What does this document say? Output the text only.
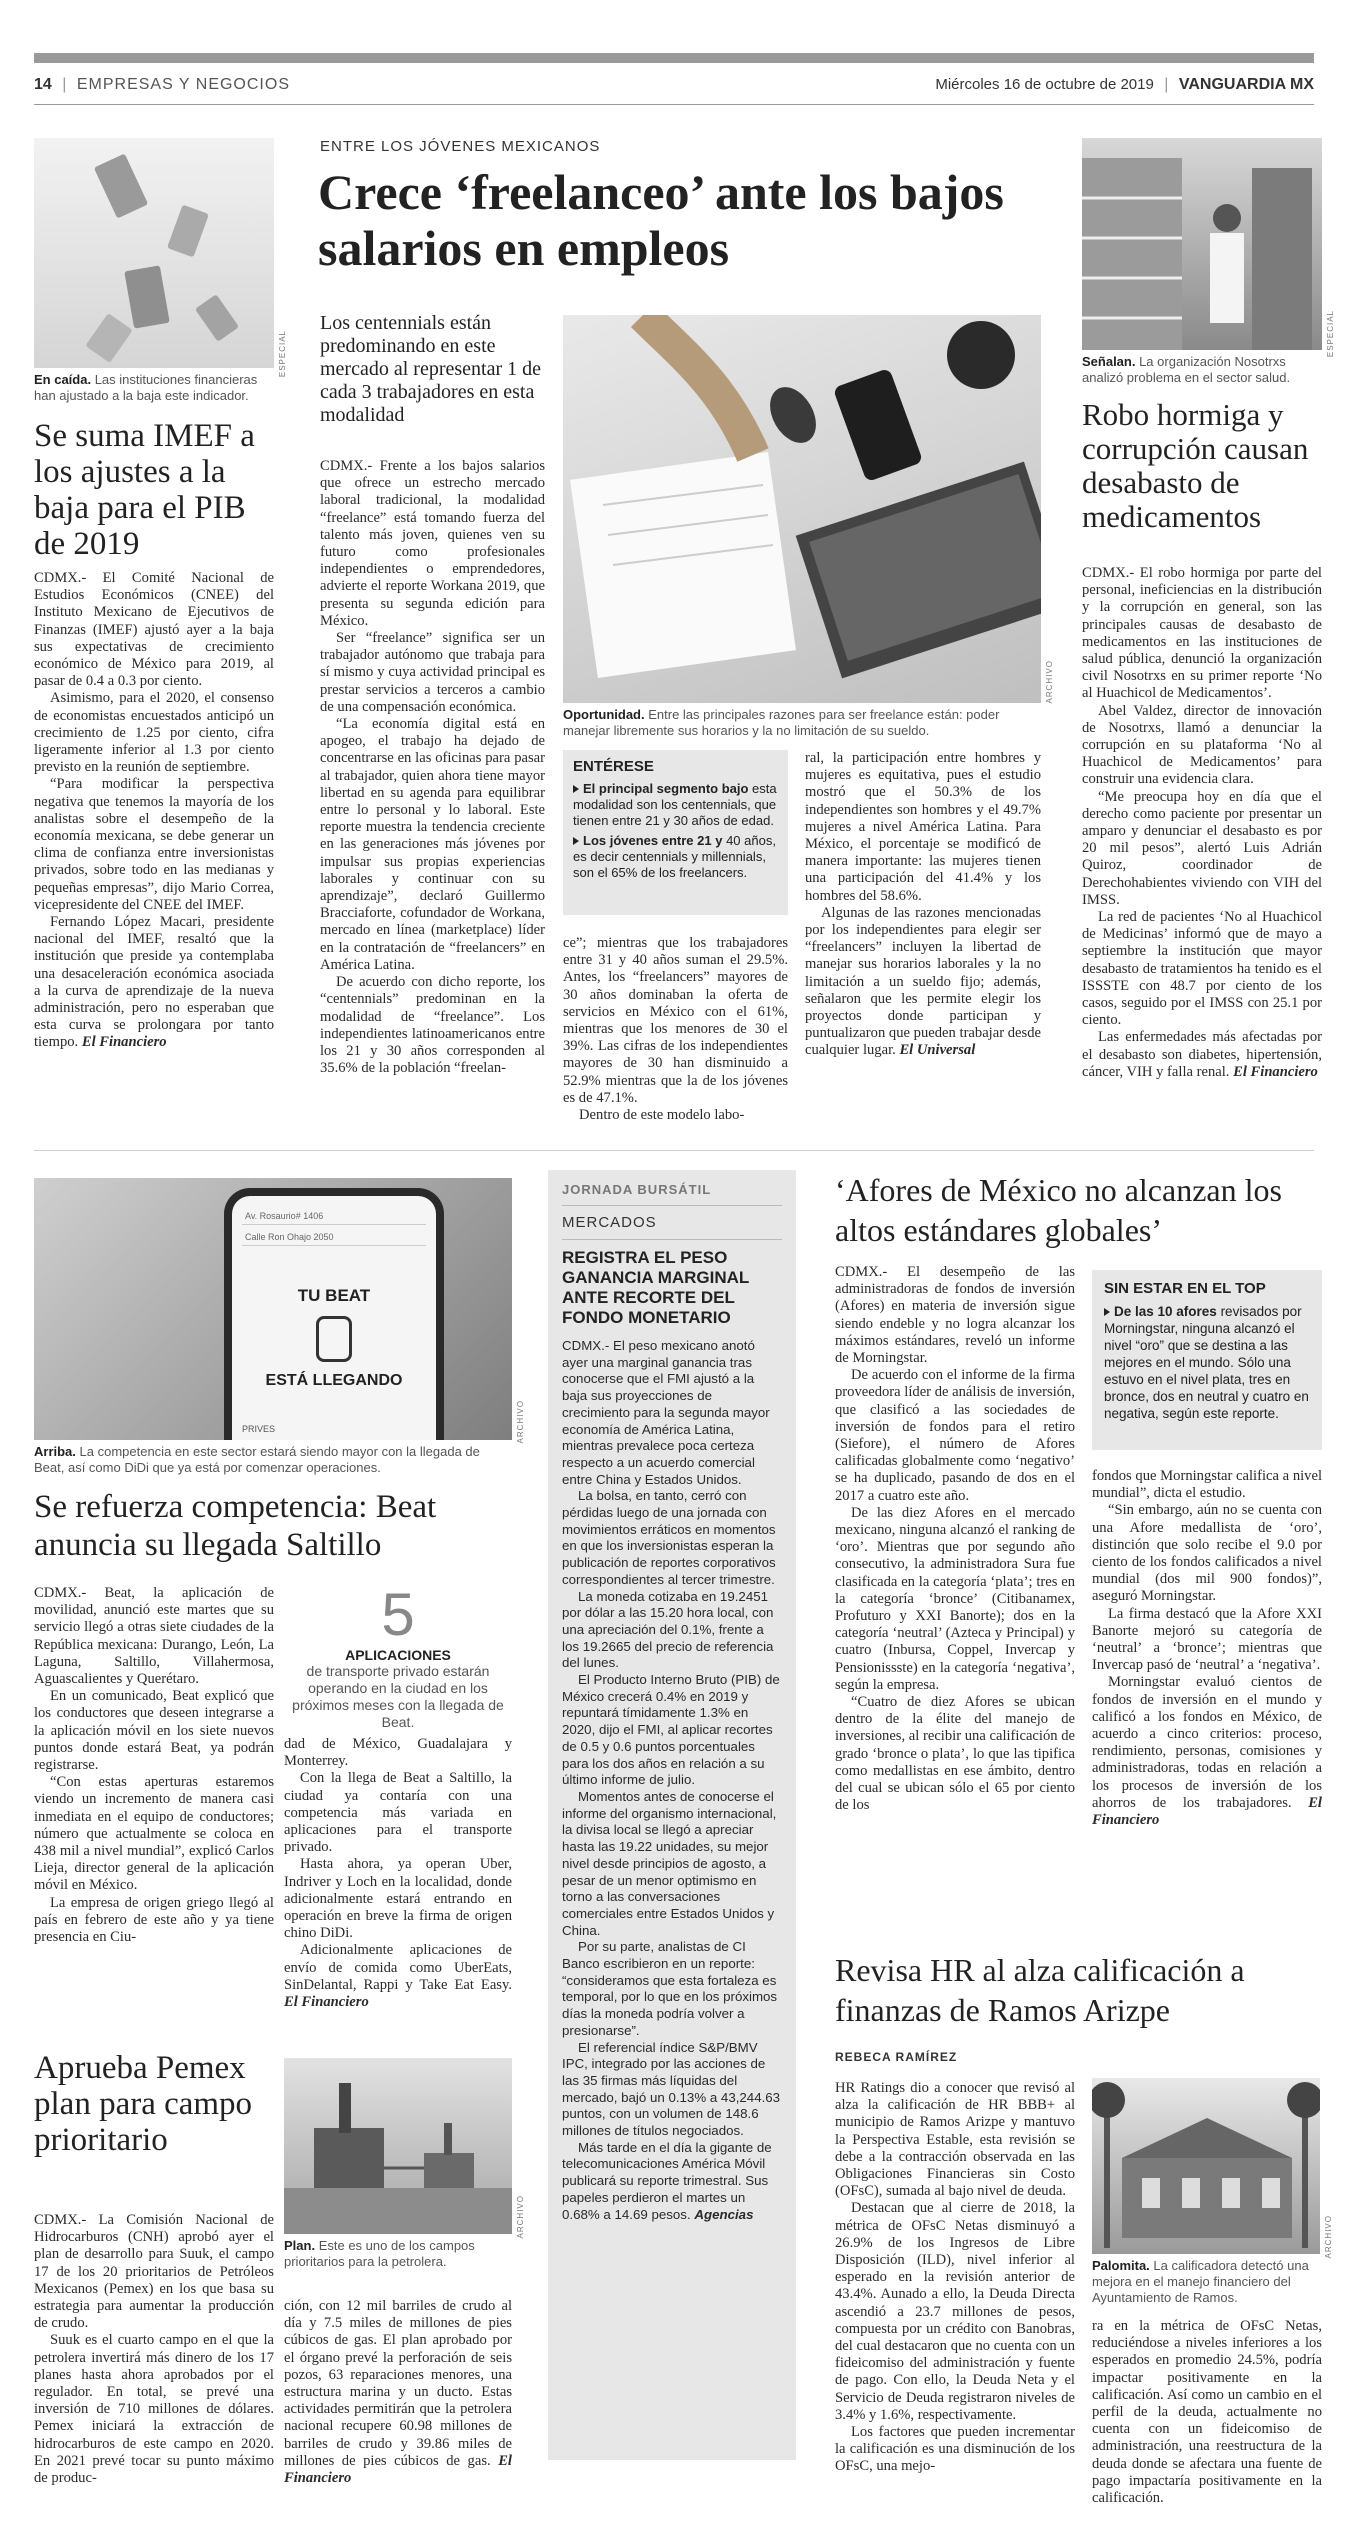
14 | EMPRESAS Y NEGOCIOS	Miércoles 16 de octubre de 2019 | VANGUARDIA MX
ESPECIAL
En caída. Las instituciones financieras han ajustado a la baja este indicador.
Se suma IMEF a los ajustes a la baja para el PIB de 2019

CDMX.- El Comité Nacional de Estudios Económicos (CNEE) del Instituto Mexicano de Ejecutivos de Finanzas (IMEF) ajustó ayer a la baja sus expectativas de crecimiento económico de México para 2019, al pasar de 0.4 a 0.3 por ciento.

Asimismo, para el 2020, el consenso de economistas encuestados anticipó un crecimiento de 1.25 por ciento, cifra ligeramente inferior al 1.3 por ciento previsto en la reunión de septiembre.

“Para modificar la perspectiva negativa que tenemos la mayoría de los analistas sobre el desempeño de la economía mexicana, se debe generar un clima de confianza entre inversionistas privados, sobre todo en las medianas y pequeñas empresas”, dijo Mario Correa, vicepresidente del CNEE del IMEF.

Fernando López Macari, presidente nacional del IMEF, resaltó que la institución que preside ya contemplaba una desaceleración económica asociada a la curva de aprendizaje de la nueva administración, pero no esperaban que esta curva se prolongara por tanto tiempo. El Financiero

ENTRE LOS JÓVENES MEXICANOS
Crece ‘freelanceo’ ante los bajos salarios en empleos
Los centennials están predominando en este mercado al representar 1 de cada 3 trabajadores en esta modalidad
ARCHIVO
Oportunidad. Entre las principales razones para ser freelance están: poder manejar libremente sus horarios y la no limitación de su sueldo.

CDMX.- Frente a los bajos salarios que ofrece un estrecho mercado laboral tradicional, la modalidad “freelance” está tomando fuerza del talento más joven, quienes ven su futuro como profesionales independientes o emprendedores, advierte el reporte Workana 2019, que presenta su segunda edición para México.

Ser “freelance” significa ser un trabajador autónomo que trabaja para sí mismo y cuya actividad principal es prestar servicios a terceros a cambio de una compensación económica.

“La economía digital está en apogeo, el trabajo ha dejado de concentrarse en las oficinas para pasar al trabajador, quien ahora tiene mayor libertad en su agenda para equilibrar entre lo personal y lo laboral. Este reporte muestra la tendencia creciente en las generaciones más jóvenes por impulsar sus propias experiencias laborales y continuar con su aprendizaje”, declaró Guillermo Bracciaforte, cofundador de Workana, mercado en línea (marketplace) líder en la contratación de “freelancers” en América Latina.

De acuerdo con dicho reporte, los “centennials” predominan en la modalidad de “freelance”. Los independientes latinoamericanos entre los 21 y 30 años corresponden al 35.6% de la población “freelan-

ENTÉRESE
El principal segmento bajo esta modalidad son los centennials, que tienen entre 21 y 30 años de edad.
Los jóvenes entre 21 y 40 años, es decir centennials y millennials, son el 65% de los freelancers.

ce”; mientras que los trabajadores entre 31 y 40 años suman el 29.5%. Antes, los “freelancers” mayores de 30 años dominaban la oferta de servicios en México con el 61%, mientras que los menores de 30 el 39%. Las cifras de los independientes mayores de 30 han disminuido a 52.9% mientras que la de los jóvenes es de 47.1%.

Dentro de este modelo labo-

ral, la participación entre hombres y mujeres es equitativa, pues el estudio mostró que el 50.3% de los independientes son hombres y el 49.7% mujeres a nivel América Latina. Para México, el porcentaje se modificó de manera importante: las mujeres tienen una participación del 41.4% y los hombres del 58.6%.

Algunas de las razones mencionadas por los independientes para elegir ser “freelancers” incluyen la libertad de manejar sus horarios laborales y la no limitación a un sueldo fijo; además, señalaron que les permite elegir los proyectos donde participan y puntualizaron que pueden trabajar desde cualquier lugar. El Universal

ESPECIAL
Señalan. La organización Nosotrxs analizó problema en el sector salud.
Robo hormiga y corrupción causan desabasto de medicamentos

CDMX.- El robo hormiga por parte del personal, ineficiencias en la distribución y la corrupción en general, son las principales causas de desabasto de medicamentos en las instituciones de salud pública, denunció la organización civil Nosotrxs en su primer reporte ‘No al Huachicol de Medicamentos’.

Abel Valdez, director de innovación de Nosotrxs, llamó a denunciar la corrupción en su plataforma ‘No al Huachicol de Medicamentos’ para construir una evidencia clara.

“Me preocupa hoy en día que el derecho como paciente por presentar un amparo y denunciar el desabasto es por 20 mil pesos”, alertó Luis Adrián Quiroz, coordinador de Derechohabientes viviendo con VIH del IMSS.

La red de pacientes ‘No al Huachicol de Medicinas’ informó que de mayo a septiembre la institución que mayor desabasto de tratamientos ha tenido es el ISSSTE con 48.7 por ciento de los casos, seguido por el IMSS con 25.1 por ciento.

Las enfermedades más afectadas por el desabasto son diabetes, hipertensión, cáncer, VIH y falla renal. El Financiero

Av. Rosaurio# 1406
Calle Ron Ohajo 2050
TU BEAT
ESTÁ LLEGANDO
PRIVES	ARCHIVO
Arriba. La competencia en este sector estará siendo mayor con la llegada de Beat, así como DiDi que ya está por comenzar operaciones.
Se refuerza competencia: Beat anuncia su llegada Saltillo

CDMX.- Beat, la aplicación de movilidad, anunció este martes que su servicio llegó a otras siete ciudades de la República mexicana: Durango, León, La Laguna, Saltillo, Villahermosa, Aguascalientes y Querétaro.

En un comunicado, Beat explicó que los conductores que deseen integrarse a la aplicación móvil en los siete nuevos puntos donde estará Beat, ya podrán registrarse.

“Con estas aperturas estaremos viendo un incremento de manera casi inmediata en el equipo de conductores; número que actualmente se coloca en 438 mil a nivel mundial”, explicó Carlos Lieja, director general de la aplicación móvil en México.

La empresa de origen griego llegó al país en febrero de este año y ya tiene presencia en Ciu-

5
APLICACIONES
de transporte privado estarán operando en la ciudad en los próximos meses con la llegada de Beat.

dad de México, Guadalajara y Monterrey.

Con la llega de Beat a Saltillo, la ciudad ya contaría con una competencia más variada en aplicaciones para el transporte privado.

Hasta ahora, ya operan Uber, Indriver y Loch en la localidad, donde adicionalmente estará entrando en operación en breve la firma de origen chino DiDi.

Adicionalmente aplicaciones de envío de comida como UberEats, SinDelantal, Rappi y Take Eat Easy. El Financiero

Aprueba Pemex plan para campo prioritario
ARCHIVO
Plan. Este es uno de los campos prioritarios para la petrolera.

CDMX.- La Comisión Nacional de Hidrocarburos (CNH) aprobó ayer el plan de desarrollo para Suuk, el campo 17 de los 20 prioritarios de Petróleos Mexicanos (Pemex) en los que basa su estrategia para aumentar la producción de crudo.

Suuk es el cuarto campo en el que la petrolera invertirá más dinero de los 17 planes hasta ahora aprobados por el regulador. En total, se prevé una inversión de 710 millones de dólares. Pemex iniciará la extracción de hidrocarburos de este campo en 2020. En 2021 prevé tocar su punto máximo de produc-

ción, con 12 mil barriles de crudo al día y 7.5 miles de millones de pies cúbicos de gas. El plan aprobado por el órgano prevé la perforación de seis pozos, 63 reparaciones menores, una estructura marina y un ducto. Estas actividades permitirán que la petrolera nacional recupere 60.98 millones de barriles de crudo y 39.86 miles de millones de pies cúbicos de gas. El Financiero

JORNADA BURSÁTIL
MERCADOS
REGISTRA EL PESO GANANCIA MARGINAL ANTE RECORTE DEL FONDO MONETARIO

CDMX.- El peso mexicano anotó ayer una marginal ganancia tras conocerse que el FMI ajustó a la baja sus proyecciones de crecimiento para la segunda mayor economía de América Latina, mientras prevalece poca certeza respecto a un acuerdo comercial entre China y Estados Unidos.

La bolsa, en tanto, cerró con pérdidas luego de una jornada con movimientos erráticos en momentos en que los inversionistas esperan la publicación de reportes corporativos correspondientes al tercer trimestre.

La moneda cotizaba en 19.2451 por dólar a las 15.20 hora local, con una apreciación del 0.1%, frente a los 19.2665 del precio de referencia del lunes.

El Producto Interno Bruto (PIB) de México crecerá 0.4% en 2019 y repuntará tímidamente 1.3% en 2020, dijo el FMI, al aplicar recortes de 0.5 y 0.6 puntos porcentuales para los dos años en relación a su último informe de julio.

Momentos antes de conocerse el informe del organismo internacional, la divisa local se llegó a apreciar hasta las 19.22 unidades, su mejor nivel desde principios de agosto, a pesar de un menor optimismo en torno a las conversaciones comerciales entre Estados Unidos y China.

Por su parte, analistas de CI Banco escribieron en un reporte: “consideramos que esta fortaleza es temporal, por lo que en los próximos días la moneda podría volver a presionarse”.

El referencial índice S&P/BMV IPC, integrado por las acciones de las 35 firmas más líquidas del mercado, bajó un 0.13% a 43,244.63 puntos, con un volumen de 148.6 millones de títulos negociados.

Más tarde en el día la gigante de telecomunicaciones América Móvil publicará su reporte trimestral. Sus papeles perdieron el martes un 0.68% a 14.69 pesos. Agencias

‘Afores de México no alcanzan los altos estándares globales’

CDMX.- El desempeño de las administradoras de fondos de inversión (Afores) en materia de inversión sigue siendo endeble y no logra alcanzar los máximos estándares, reveló un informe de Morningstar.

De acuerdo con el informe de la firma proveedora líder de análisis de inversión, que clasificó a las sociedades de inversión de fondos para el retiro (Siefore), el número de Afores calificadas globalmente como ‘negativo’ se ha duplicado, pasando de dos en el 2017 a cuatro este año.

De las diez Afores en el mercado mexicano, ninguna alcanzó el ranking de ‘oro’. Mientras que por segundo año consecutivo, la administradora Sura fue clasificada en la categoría ‘plata’; tres en la categoría ‘bronce’ (Citibanamex, Profuturo y XXI Banorte); dos en la categoría ‘neutral’ (Azteca y Principal) y cuatro (Inbursa, Coppel, Invercap y Pensionissste) en la categoría ‘negativa’, según la empresa.

“Cuatro de diez Afores se ubican dentro de la élite del manejo de inversiones, al recibir una calificación de grado ‘bronce o plata’, lo que las tipifica como medallistas en ese ámbito, dentro del cual se ubican sólo el 65 por ciento de los

SIN ESTAR EN EL TOP
De las 10 afores revisados por Morningstar, ninguna alcanzó el nivel “oro” que se destina a las mejores en el mundo. Sólo una estuvo en el nivel plata, tres en bronce, dos en neutral y cuatro en negativa, según este reporte.

fondos que Morningstar califica a nivel mundial”, dicta el estudio.

“Sin embargo, aún no se cuenta con una Afore medallista de ‘oro’, distinción que solo recibe el 9.0 por ciento de los fondos calificados a nivel mundial (dos mil 900 fondos)”, aseguró Morningstar.

La firma destacó que la Afore XXI Banorte mejoró su categoría de ‘neutral’ a ‘bronce’; mientras que Invercap pasó de ‘neutral’ a ‘negativa’.

Morningstar evaluó cientos de fondos de inversión en el mundo y calificó a los fondos en México, de acuerdo a cinco criterios: proceso, rendimiento, personas, comisiones y administradoras, todas en relación a los procesos de inversión de los ahorros de los trabajadores. El Financiero

Revisa HR al alza calificación a finanzas de Ramos Arizpe
REBECA RAMÍREZ

HR Ratings dio a conocer que revisó al alza la calificación de HR BBB+ al municipio de Ramos Arizpe y mantuvo la Perspectiva Estable, esta revisión se debe a la contracción observada en las Obligaciones Financieras sin Costo (OFsC), sumada al bajo nivel de deuda.

Destacan que al cierre de 2018, la métrica de OFsC Netas disminuyó a 26.9% de los Ingresos de Libre Disposición (ILD), nivel inferior al esperado en la revisión anterior de 43.4%. Aunado a ello, la Deuda Directa ascendió a 23.7 millones de pesos, compuesta por un crédito con Banobras, del cual destacaron que no cuenta con un fideicomiso del administración y fuente de pago. Con ello, la Deuda Neta y el Servicio de Deuda registraron niveles de 3.4% y 1.6%, respectivamente.

Los factores que pueden incrementar la calificación es una disminución de los OFsC, una mejo-

ARCHIVO
Palomita. La calificadora detectó una mejora en el manejo financiero del Ayuntamiento de Ramos.

ra en la métrica de OFsC Netas, reduciéndose a niveles inferiores a los esperados en promedio 24.5%, podría impactar positivamente en la calificación. Así como un cambio en el perfil de la deuda, actualmente no cuenta con un fideicomiso de administración, una reestructura de la deuda donde se afectara una fuente de pago impactaría positivamente en la calificación.
